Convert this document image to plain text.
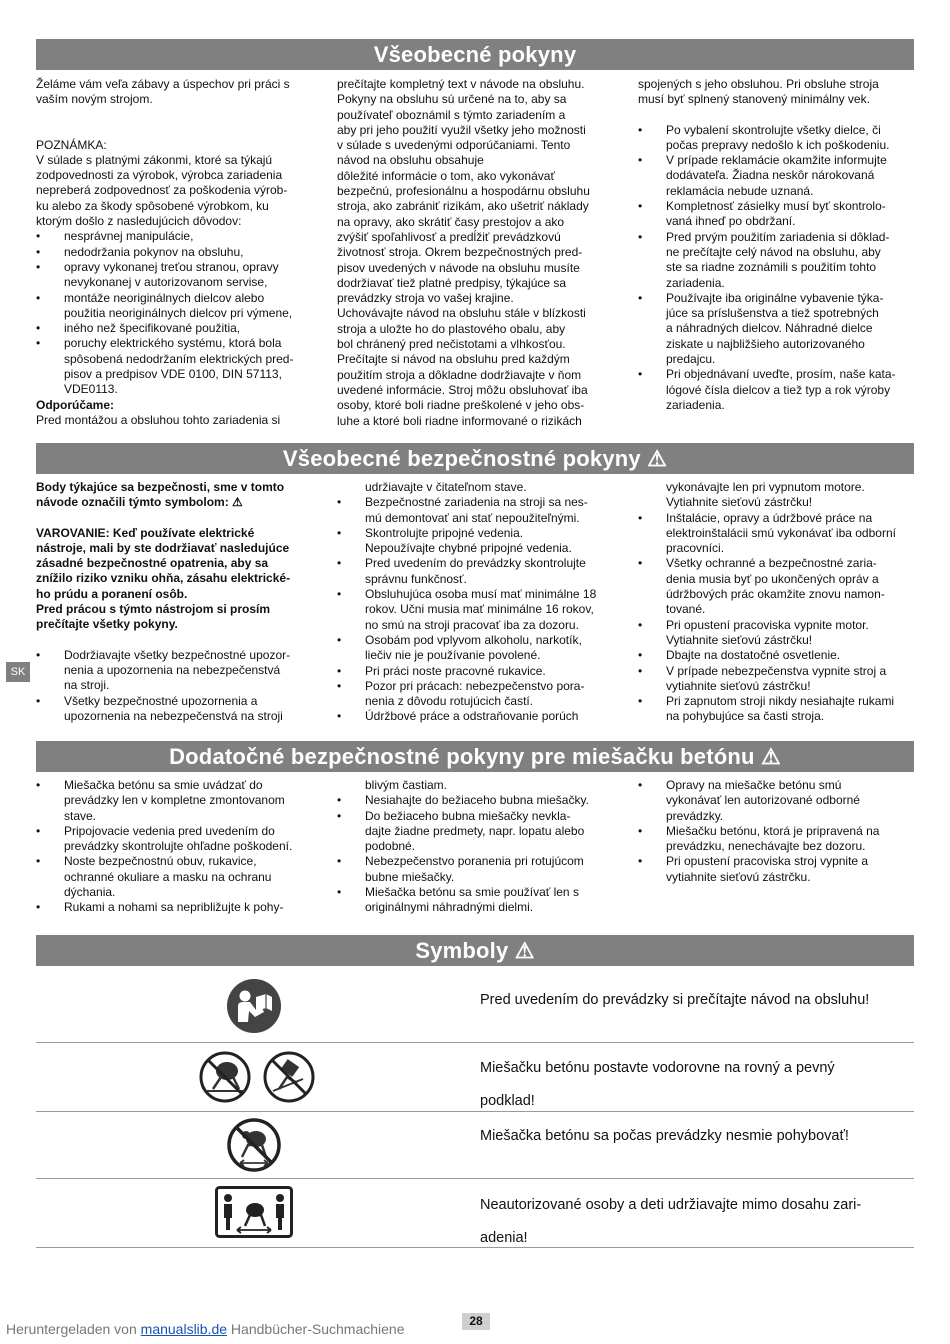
Všeobecné pokyny

Želáme vám veľa zábavy a úspechov pri práci s

vaším novým strojom.

POZNÁMKA:

V súlade s platnými zákonmi, ktoré sa týkajú

zodpovednosti za výrobok, výrobca zariadenia

nepreberá zodpovednosť za poškodenia výrob-

ku alebo za škody spôsobené výrobkom, ku

ktorým došlo z nasledujúcich dôvodov:

• nesprávnej manipulácie,
• nedodržania pokynov na obsluhu,
• opravy vykonanej treťou stranou, opravy
nevykonanej v autorizovanom servise,
• montáže neoriginálnych dielcov alebo
použitia neoriginálnych dielcov pri výmene,
• iného než špecifikované použitia,
• poruchy elektrického systému, ktorá bola
spôsobená nedodržaním elektrických pred-
pisov a predpisov VDE 0100, DIN 57113,
VDE0113.

Odporúčame:

Pred montážou a obsluhou tohto zariadenia si

prečítajte kompletný text v návode na obsluhu.

Pokyny na obsluhu sú určené na to, aby sa

používateľ oboznámil s týmto zariadením a

aby pri jeho použití využil všetky jeho možnosti

v súlade s uvedenými odporúčaniami. Tento

návod na obsluhu obsahuje

dôležité informácie o tom, ako vykonávať

bezpečnú, profesionálnu a hospodárnu obsluhu

stroja, ako zabrániť rizikám, ako ušetriť náklady

na opravy, ako skrátiť časy prestojov a ako

zvýšiť spoľahlivosť a predĺžiť prevádzkovú

životnosť stroja. Okrem bezpečnostných pred-

pisov uvedených v návode na obsluhu musíte

dodržiavať tiež platné predpisy, týkajúce sa

prevádzky stroja vo vašej krajine.

Uchovávajte návod na obsluhu stále v blízkosti

stroja a uložte ho do plastového obalu, aby

bol chránený pred nečistotami a vlhkosťou.

Prečítajte si návod na obsluhu pred každým

použitím stroja a dôkladne dodržiavajte v ňom

uvedené informácie. Stroj môžu obsluhovať iba

osoby, ktoré boli riadne preškolené v jeho obs-

luhe a ktoré boli riadne informované o rizikách

spojených s jeho obsluhou. Pri obsluhe stroja

musí byť splnený stanovený minimálny vek.

• Po vybalení skontrolujte všetky dielce, či
počas prepravy nedošlo k ich poškodeniu.
• V prípade reklamácie okamžite informujte
dodávateľa. Žiadna neskôr nárokovaná
reklamácia nebude uznaná.
• Kompletnosť zásielky musí byť skontrolo-
vaná ihneď po obdržaní.
• Pred prvým použitím zariadenia si dôklad-
ne prečítajte celý návod na obsluhu, aby
ste sa riadne zoznámili s použitím tohto
zariadenia.
• Používajte iba originálne vybavenie týka-
júce sa príslušenstva a tiež spotrebných
a náhradných dielcov. Náhradné dielce
ziskate u najbližšieho autorizovaného
predajcu.
• Pri objednávaní uveďte, prosím, naše kata-
lógové čísla dielcov a tiež typ a rok výroby
zariadenia.
Všeobecné bezpečnostné pokyny ⚠

Body týkajúce sa bezpečnosti, sme v tomto

návode označili týmto symbolom: ⚠

VAROVANIE: Keď používate elektrické

nástroje, mali by ste dodržiavať nasledujúce

zásadné bezpečnostné opatrenia, aby sa

znížilo riziko vzniku ohňa, zásahu elektrické-

ho prúdu a poranení osôb.

Pred prácou s týmto nástrojom si prosím

prečítajte všetky pokyny.

• Dodržiavajte všetky bezpečnostné upozor-
nenia a upozornenia na nebezpečenstvá
na stroji.
• Všetky bezpečnostné upozornenia a
upozornenia na nebezpečenstvá na stroji
udržiavajte v čitateľnom stave.
• Bezpečnostné zariadenia na stroji sa nes-
mú demontovať ani stať nepoužiteľnými.
• Skontrolujte pripojné vedenia.
Nepoužívajte chybné pripojné vedenia.
• Pred uvedením do prevádzky skontrolujte
správnu funkčnosť.
• Obsluhujúca osoba musí mať minimálne 18
rokov. Učni musia mať minimálne 16 rokov,
no smú na stroji pracovať iba za dozoru.
• Osobám pod vplyvom alkoholu, narkotík,
liečiv nie je používanie povolené.
• Pri práci noste pracovné rukavice.
• Pozor pri prácach: nebezpečenstvo pora-
nenia z dôvodu rotujúcich častí.
• Údržbové práce a odstraňovanie porúch
vykonávajte len pri vypnutom motore.
Vytiahnite sieťovú zástrčku!
• Inštalácie, opravy a údržbové práce na
elektroinštalácii smú vykonávať iba odborní
pracovníci.
• Všetky ochranné a bezpečnostné zaria-
denia musia byť po ukončených opráv a
údržbových prác okamžite znovu namon-
tované.
• Pri opustení pracoviska vypnite motor.
Vytiahnite sieťovú zástrčku!
• Dbajte na dostatočné osvetlenie.
• V prípade nebezpečenstva vypnite stroj a
vytiahnite sieťovú zástrčku!
• Pri zapnutom stroji nikdy nesiahajte rukami
na pohybujúce sa časti stroja.
SK
Dodatočné bezpečnostné pokyny pre miešačku betónu ⚠
• Miešačka betónu sa smie uvádzať do
prevádzky len v kompletne zmontovanom
stave.
• Pripojovacie vedenia pred uvedením do
prevádzky skontrolujte ohľadne poškodení.
• Noste bezpečnostnú obuv, rukavice,
ochranné okuliare a masku na ochranu
dýchania.
• Rukami a nohami sa nepribližujte k pohy-
blivým častiam.
• Nesiahajte do bežiaceho bubna miešačky.
• Do bežiaceho bubna miešačky nevkla-
dajte žiadne predmety, napr. lopatu alebo
podobné.
• Nebezpečenstvo poranenia pri rotujúcom
bubne miešačky.
• Miešačka betónu sa smie používať len s
originálnymi náhradnými dielmi.
• Opravy na miešačke betónu smú
vykonávať len autorizované odborné
prevádzky.
• Miešačku betónu, ktorá je pripravená na
prevádzku, nenechávajte bez dozoru.
• Pri opustení pracoviska stroj vypnite a
vytiahnite sieťovú zástrčku.
Symboly ⚠

Pred uvedením do prevádzky si prečítajte návod na obsluhu!

Miešačku betónu postavte vodorovne na rovný a pevný

podklad!

Miešačka betónu sa počas prevádzky nesmie pohybovať!

Neautorizované osoby a deti udržiavajte mimo dosahu zari-

adenia!

Heruntergeladen von manualslib.de Handbücher-Suchmachiene	28
